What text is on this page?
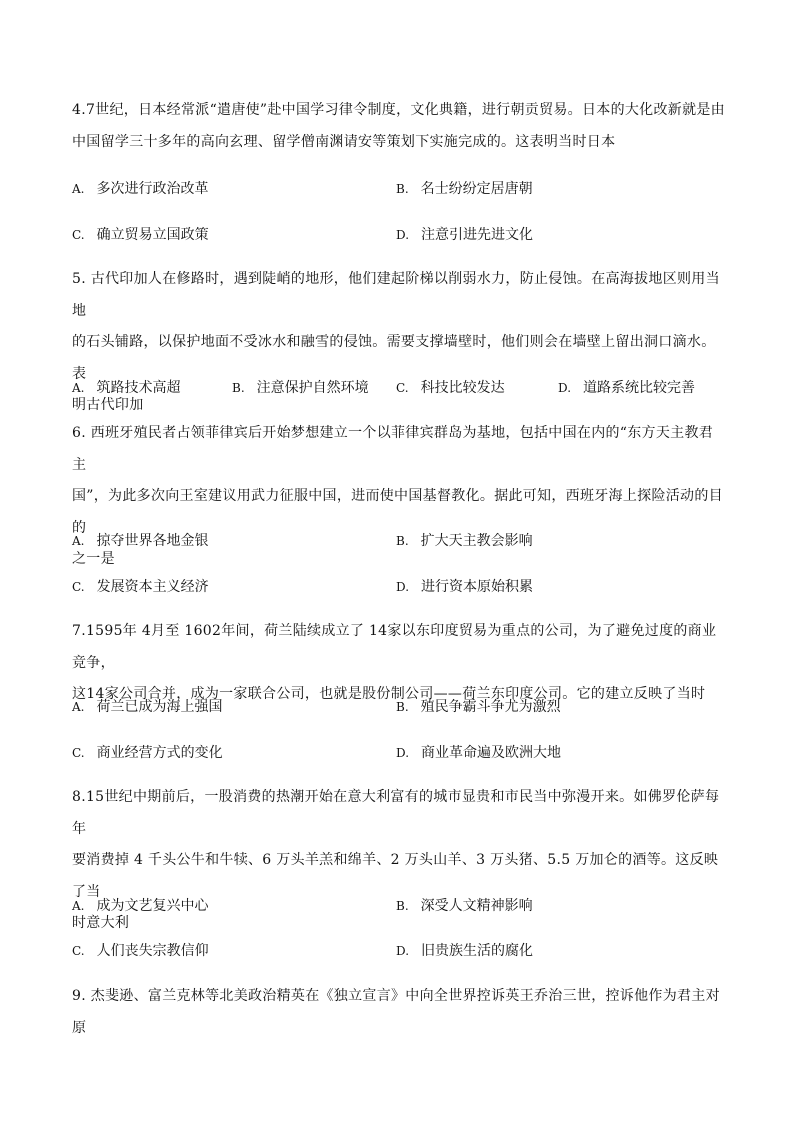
4.7世纪，日本经常派“遣唐使”赴中国学习律令制度，文化典籍，进行朝贡贸易。日本的大化改新就是由

中国留学三十多年的高向玄理、留学僧南渊请安等策划下实施完成的。这表明当时日本

A. 多次进行政治改革	B. 名士纷纷定居唐朝
C. 确立贸易立国政策	D. 注意引进先进文化

5. 古代印加人在修路时，遇到陡峭的地形，他们建起阶梯以削弱水力，防止侵蚀。在高海拔地区则用当地

的石头铺路，以保护地面不受冰水和融雪的侵蚀。需要支撑墙壁时，他们则会在墙壁上留出洞口滴水。表

明古代印加

A. 筑路技术高超	B. 注意保护自然环境 C. 科技比较发达	D. 道路系统比较完善

6. 西班牙殖民者占领菲律宾后开始梦想建立一个以菲律宾群岛为基地，包括中国在内的“东方天主教君主

国”，为此多次向王室建议用武力征服中国，进而使中国基督教化。据此可知，西班牙海上探险活动的目的

之一是

A. 掠夺世界各地金银	B. 扩大天主教会影响
C. 发展资本主义经济	D. 进行资本原始积累

7.1595年 4月至 1602年间，荷兰陆续成立了 14家以东印度贸易为重点的公司，为了避免过度的商业竞争，

这14家公司合并，成为一家联合公司，也就是股份制公司——荷兰东印度公司。它的建立反映了当时

A. 荷兰已成为海上强国	B. 殖民争霸斗争尤为激烈
C. 商业经营方式的变化	D. 商业革命遍及欧洲大地

8.15世纪中期前后，一股消费的热潮开始在意大利富有的城市显贵和市民当中弥漫开来。如佛罗伦萨每年

要消费掉 4 千头公牛和牛犊、6 万头羊羔和绵羊、2 万头山羊、3 万头猪、5.5 万加仑的酒等。这反映了当

时意大利

A. 成为文艺复兴中心	B. 深受人文精神影响
C. 人们丧失宗教信仰	D. 旧贵族生活的腐化

9. 杰斐逊、富兰克林等北美政治精英在《独立宣言》中向全世界控诉英王乔治三世，控诉他作为君主对原
